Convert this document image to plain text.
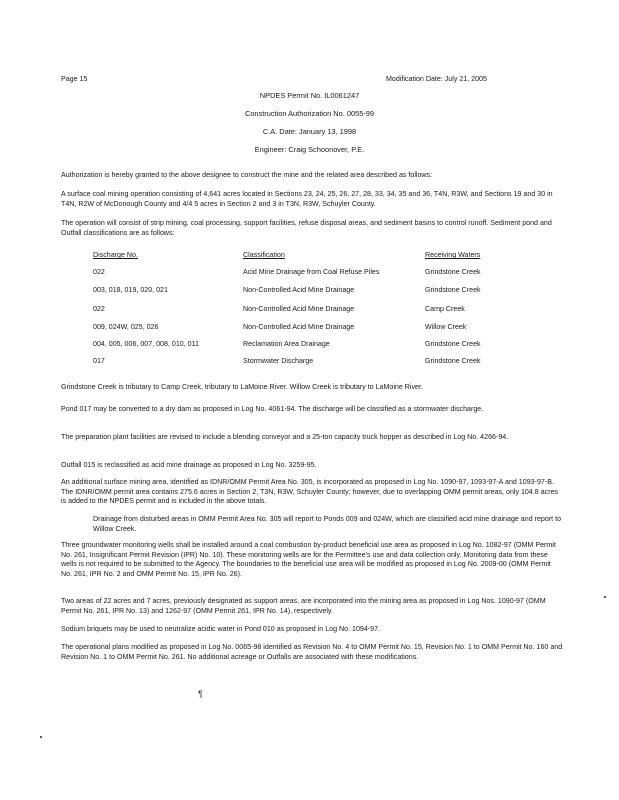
Page 15	Modification Date: July 21, 2005
NPDES Permit No. IL0061247
Construction Authorization No. 0055-99
C.A. Date: January 13, 1998
Engineer: Craig Schoonover, P.E.
Authorization is hereby granted to the above designee to construct the mine and the related area described as follows:
A surface coal mining operation consisting of 4,641 acres located in Sections 23, 24, 25, 26, 27, 28, 33, 34, 35 and 36, T4N, R3W, and Sections 19 and 30 in T4N, R2W of McDonough County and 4/4 5 acres in Section 2 and 3 in T3N, R3W, Schuyler County.
The operation will consist of strip mining, coal processing, support facilities, refuse disposal areas, and sediment basins to control runoff. Sediment pond and Outfall classifications are as follows:
Discharge No.	Classification	Receiving Waters
022	Acid Mine Drainage from Coal Refuse Piles	Grindstone Creek
003, 018, 019, 020, 021	Non-Controlled Acid Mine Drainage	Grindstone Creek
022	Non-Controlled Acid Mine Drainage	Camp Creek
009, 024W, 025, 026	Non-Controlled Acid Mine Drainage	Willow Creek
004, 005, 006, 007, 008, 010, 011	Reclamation Area Drainage	Grindstone Creek
017	Stormwater Discharge	Grindstone Creek
Grindstone Creek is tributary to Camp Creek, tributary to LaMoine River. Willow Creek is tributary to LaMoine River.
Pond 017 may be converted to a dry dam as proposed in Log No. 4061-94. The discharge will be classified as a stormwater discharge.
The preparation plant facilities are revised to include a blending conveyor and a 25-ton capacity truck hopper as described in Log No. 4266-94.
Outfall 015 is reclassified as acid mine drainage as proposed in Log No. 3259-95.
An additional surface mining area, identified as IDNR/OMM Permit Area No. 305, is incorporated as proposed in Log No. 1090-97, 1093-97-A and 1093-97-B. The IDNR/OMM permit area contains 275.6 acres in Section 2, T3N, R3W, Schuyler County; however, due to overlapping OMM permit areas, only 104.8 acres is added to the NPDES permit and is included in the above totals.
Drainage from disturbed areas in OMM Permit Area No. 305 will report to Ponds 009 and 024W, which are classified acid mine drainage and report to Willow Creek.
Three groundwater monitoring wells shall be installed around a coal combustion by-product beneficial use area as proposed in Log No. 1082-97 (OMM Permit No. 261, Insignificant Permit Revision (IPR) No. 10). These monitoring wells are for the Permittee's use and data collection only. Monitoring data from these wells is not required to be submitted to the Agency. The boundaries to the beneficial use area will be modified as proposed in Log No. 2009-00 (OMM Permit No. 261, IPR No. 2 and OMM Permit No. 15, IPR No. 26).
Two areas of 22 acres and 7 acres, previously designated as support areas, are incorporated into the mining area as proposed in Log Nos. 1090-97 (OMM Permit No. 261, IPR No. 13) and 1262-97 (OMM Permit 261, IPR No. 14), respectively.
Sodium briquets may be used to neutralize acidic water in Pond 010 as proposed in Log No. 1094-97.
The operational plans modified as proposed in Log No. 0065-98 identified as Revision No. 4 to OMM Permit No. 15, Revision No. 1 to OMM Permit No. 160 and Revision No. 1 to OMM Permit No. 261. No additional acreage or Outfalls are associated with these modifications.
¶
